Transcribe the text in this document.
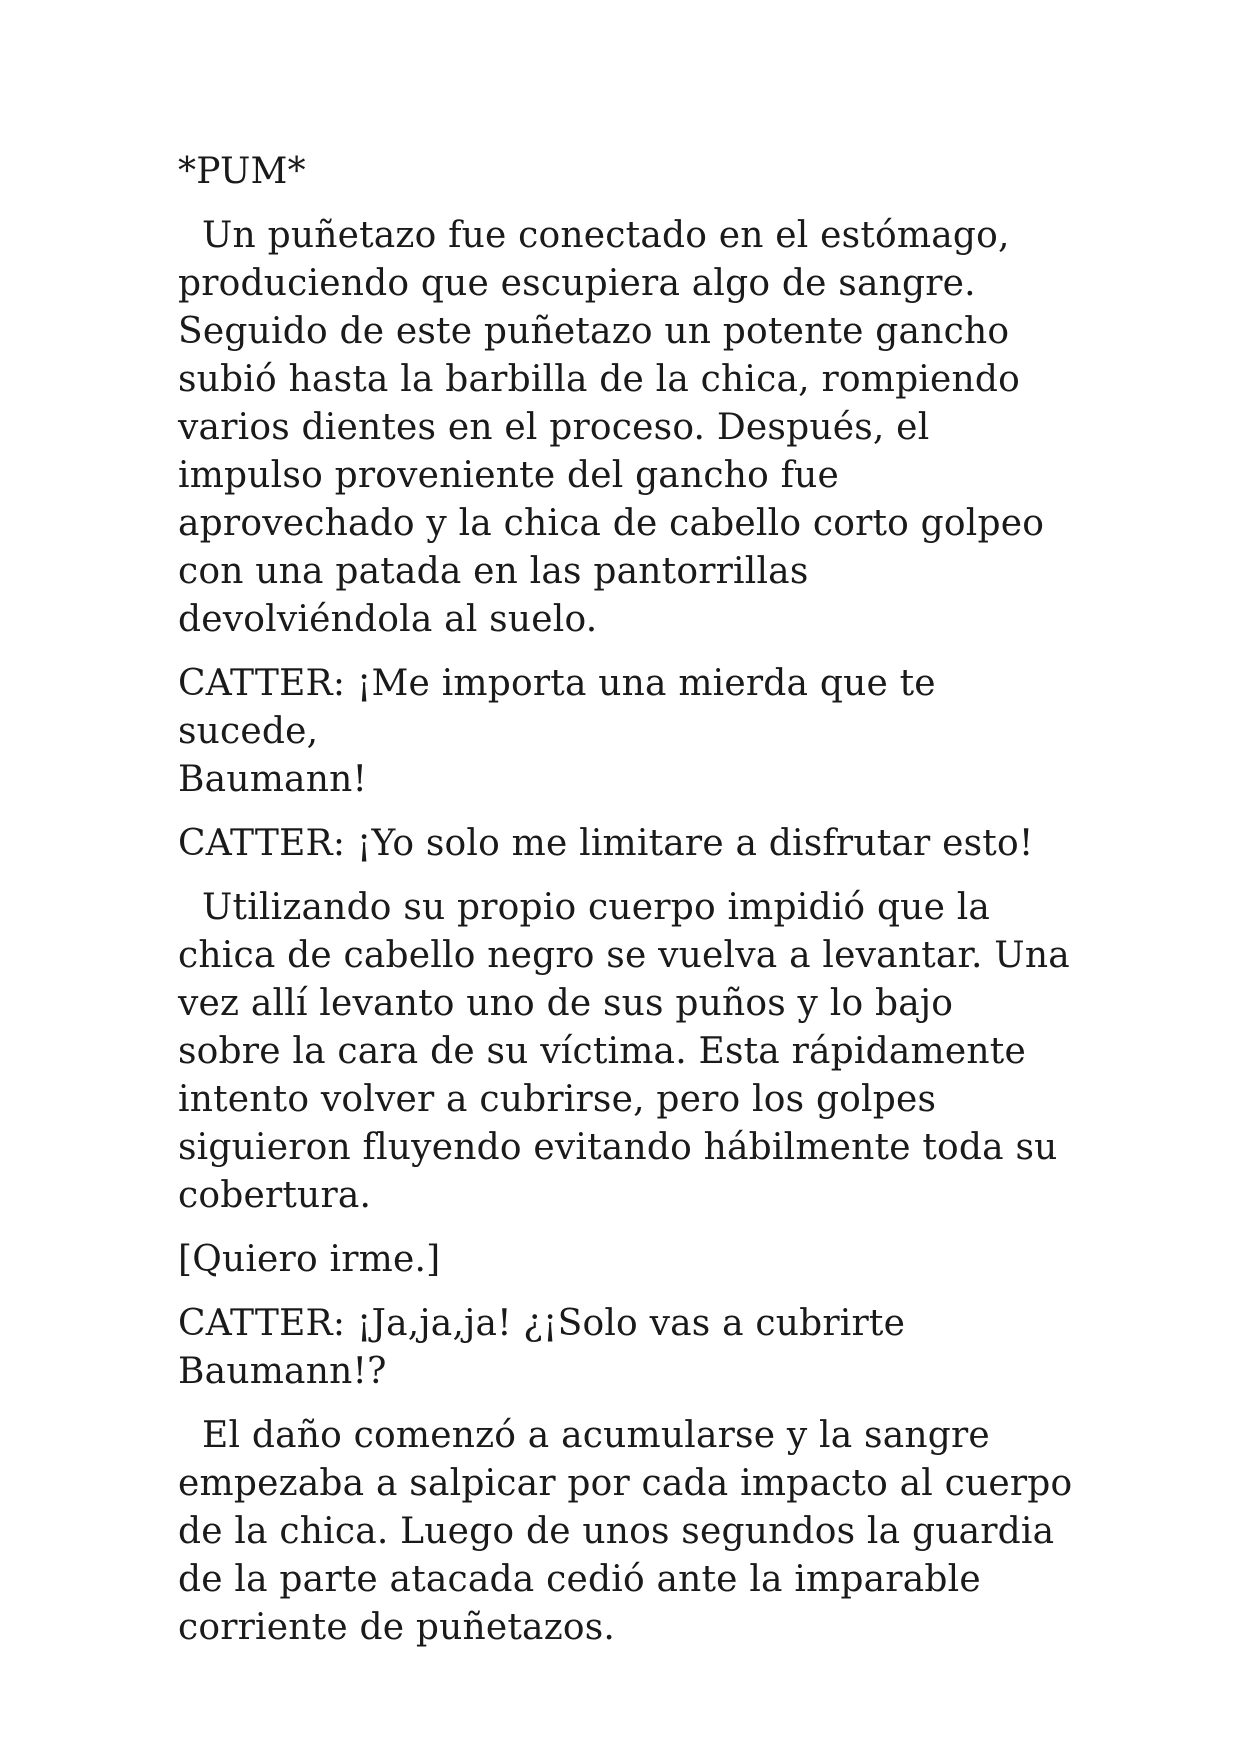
*PUM*

Un puñetazo fue conectado en el estómago,
produciendo que escupiera algo de sangre.
Seguido de este puñetazo un potente gancho
subió hasta la barbilla de la chica, rompiendo
varios dientes en el proceso. Después, el
impulso proveniente del gancho fue
aprovechado y la chica de cabello corto golpeo
con una patada en las pantorrillas
devolviéndola al suelo.

CATTER: ¡Me importa una mierda que te sucede,
Baumann!

CATTER: ¡Yo solo me limitare a disfrutar esto!

Utilizando su propio cuerpo impidió que la
chica de cabello negro se vuelva a levantar. Una
vez allí levanto uno de sus puños y lo bajo
sobre la cara de su víctima. Esta rápidamente
intento volver a cubrirse, pero los golpes
siguieron fluyendo evitando hábilmente toda su
cobertura.

[Quiero irme.]

CATTER: ¡Ja,ja,ja! ¿¡Solo vas a cubrirte
Baumann!?

El daño comenzó a acumularse y la sangre
empezaba a salpicar por cada impacto al cuerpo
de la chica. Luego de unos segundos la guardia
de la parte atacada cedió ante la imparable
corriente de puñetazos.
